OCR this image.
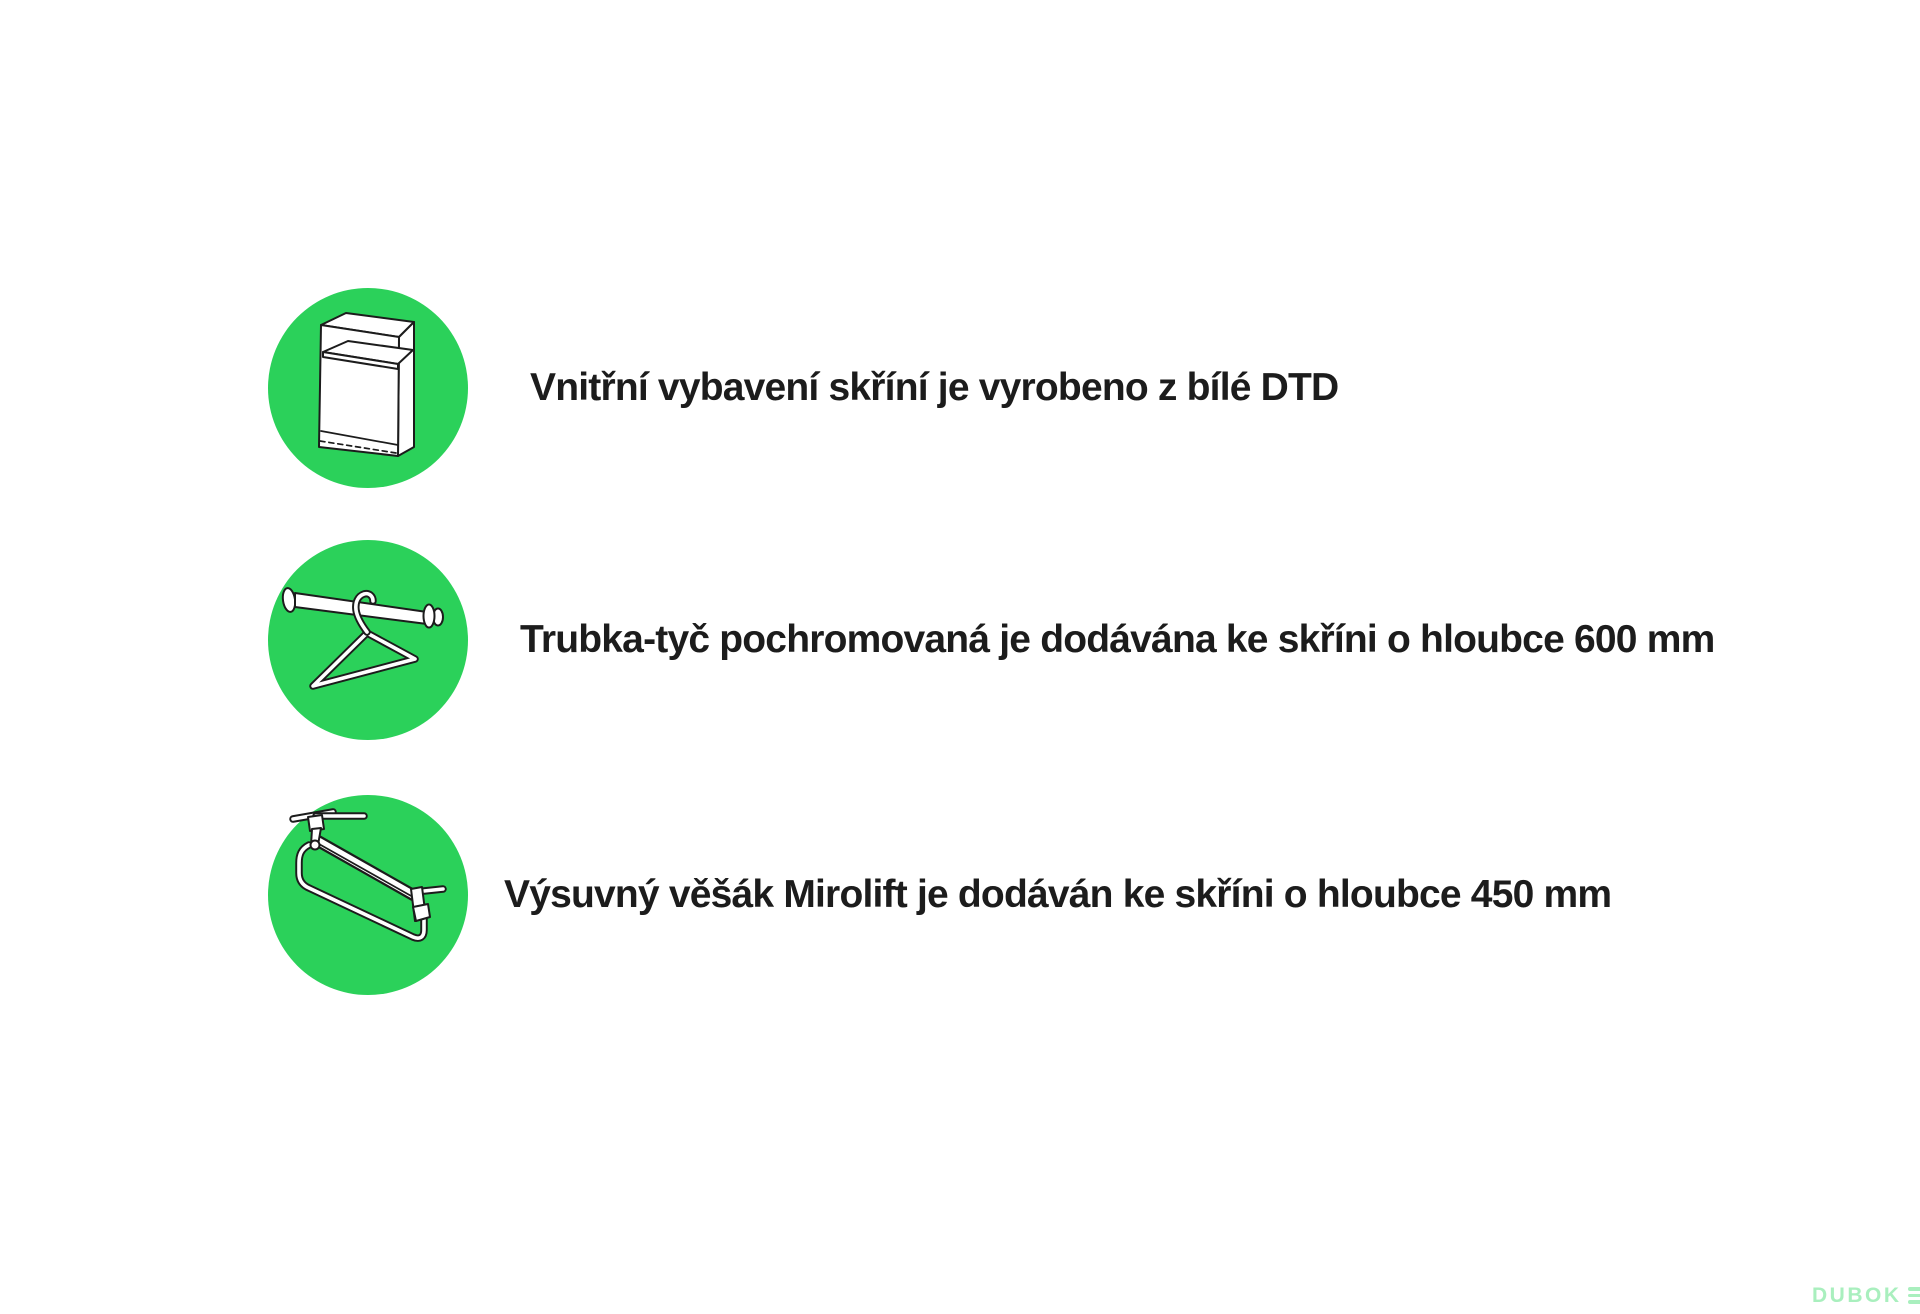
Vnitřní vybavení skříní je vyrobeno z bílé DTD

Trubka-tyč pochromovaná je dodávána ke skříni o hloubce 600 mm

Výsuvný věšák Mirolift je dodáván ke skříni o hloubce 450 mm

DUBOK
